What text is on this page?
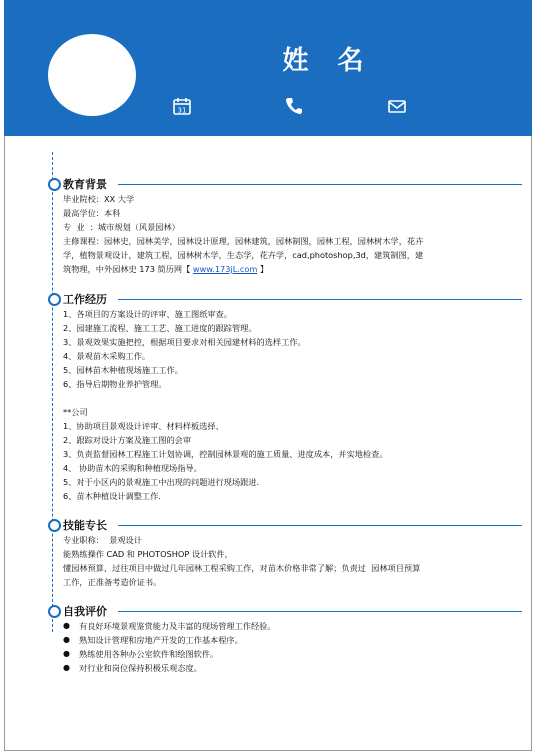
姓 名
31
教育背景

毕业院校：XX 大学

最高学位：本科

专  业  ：城市规划（风景园林）

主修课程：园林史，园林美学，园林设计原理，园林建筑，园林制图，园林工程，园林树木学，花卉

学，植物景观设计，建筑工程，园林树木学，生态学，花卉学，cad,photoshop,3d，建筑制图，建

筑物理，中外园林史 173 简历网【 www.173jL.com 】

工作经历

1、各项目的方案设计的评审、施工图纸审查。

2、园建施工流程、施工工艺、施工进度的跟踪管理。

3、景观效果实施把控，根据项目要求对相关园建材料的选样工作。

4、景观苗木采购工作。

5、园林苗木种植现场施工工作。

6、指导后期物业养护管理。

**公司

1、协助项目景观设计评审、材料样板选择、

2、跟踪对设计方案及施工图的会审

3、负责监督园林工程施工计划协调，控制园林景观的施工质量、进度成本，并实地检查。

4、 协助苗木的采购和种植现场指导。

5、对于小区内的景观施工中出现的问题进行现场跟进．

6、苗木种植设计调整工作．

技能专长

专业职称：  景观设计

能熟练操作 CAD 和 PHOTOSHOP 设计软件，

懂园林预算，过往项目中做过几年园林工程采购工作，对苗木价格非常了解；负责过  园林项目预算

工作，正准备考造价证书。

自我评价
● 有良好环境景观鉴赏能力及丰富的现场管理工作经验。
● 熟知设计管理和房地产开发的工作基本程序。
● 熟练使用各种办公室软件和绘图软件。
● 对行业和岗位保持积极乐观态度。
